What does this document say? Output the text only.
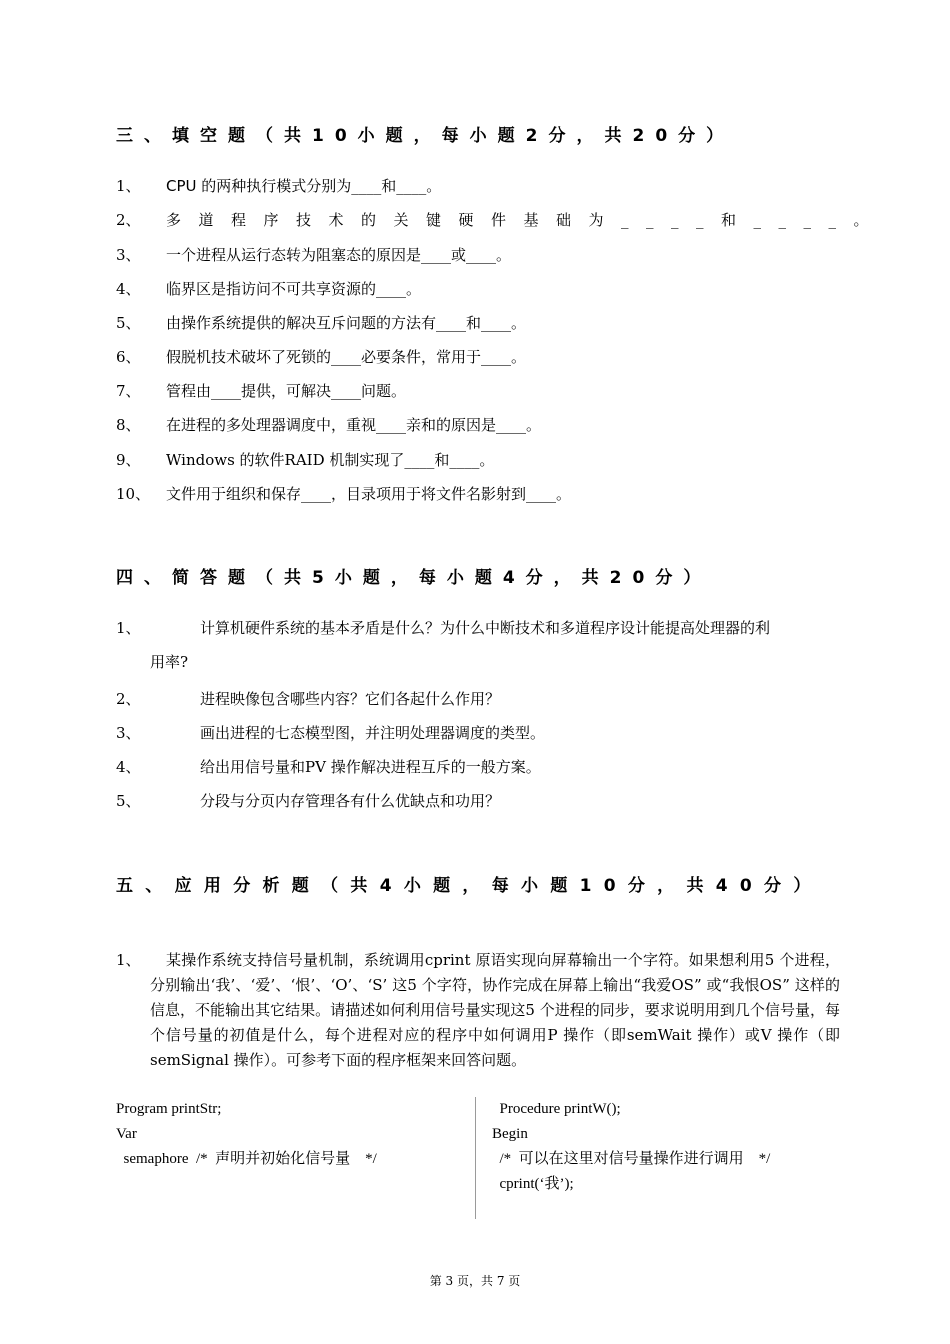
三、填空题（共10小题，每小题2分，共20分）
1、 CPU 的两种执行模式分别为____和____。
2、 多道程序技术的关键硬件基础为____和____。
3、 一个进程从运行态转为阻塞态的原因是____或____。
4、 临界区是指访问不可共享资源的____。
5、 由操作系统提供的解决互斥问题的方法有____和____。
6、 假脱机技术破坏了死锁的____必要条件，常用于____。
7、 管程由____提供，可解决____问题。
8、 在进程的多处理器调度中，重视____亲和的原因是____。
9、 Windows 的软件RAID 机制实现了____和____。
10、 文件用于组织和保存____，目录项用于将文件名影射到____。
四、简答题（共5小题，每小题4分，共20分）
1、	计算机硬件系统的基本矛盾是什么？为什么中断技术和多道程序设计能提高处理器的利
用率?
2、	进程映像包含哪些内容？它们各起什么作用？
3、	画出进程的七态模型图，并注明处理器调度的类型。
4、	给出用信号量和PV 操作解决进程互斥的一般方案。
5、	分段与分页内存管理各有什么优缺点和功用？
五、应用分析题（共4小题，每小题10分，共40分）
1、	某操作系统支持信号量机制，系统调用cprint 原语实现向屏幕输出一个字符。如果想利用5 个进程，分别输出‘我’、‘爱’、‘恨’、‘O’、‘S’ 这5 个字符，协作完成在屏幕上输出“我爱OS” 或“我恨OS” 这样的信息，不能输出其它结果。请描述如何利用信号量实现这5 个进程的同步，要求说明用到几个信号量，每个信号量的初值是什么，每个进程对应的程序中如何调用P 操作（即semWait 操作）或V 操作（即semSignal 操作）。可参考下面的程序框架来回答问题。
Program printStr;
Var
semaphore  /*  声明并初始化信号量    */
Procedure printW();
Begin
/*  可以在这里对信号量操作进行调用    */
cprint(‘我’);
第 3 页，共 7 页
